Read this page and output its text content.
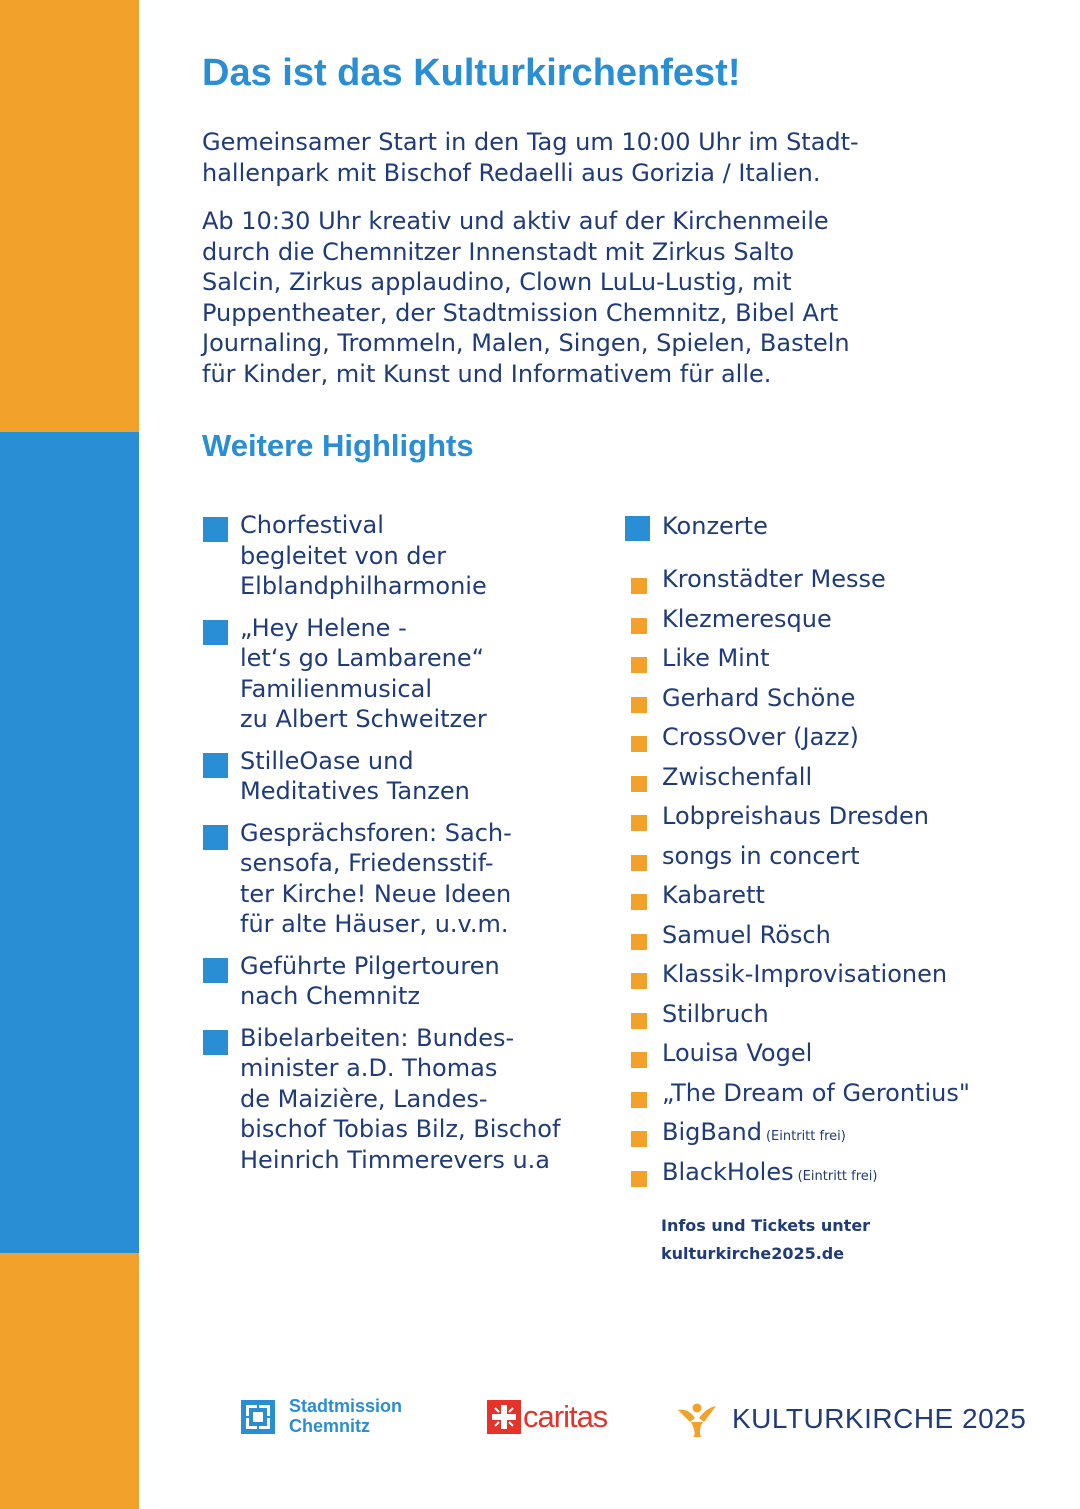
Das ist das Kulturkirchenfest!

Gemeinsamer Start in den Tag um 10:00 Uhr im Stadt-
hallenpark mit Bischof Redaelli aus Gorizia / Italien.

Ab 10:30 Uhr kreativ und aktiv auf der Kirchenmeile
durch die Chemnitzer Innenstadt mit Zirkus Salto
Salcin, Zirkus applaudino, Clown LuLu-Lustig, mit
Puppentheater, der Stadtmission Chemnitz, Bibel Art
Journaling, Trommeln, Malen, Singen, Spielen, Basteln
für Kinder, mit Kunst und Informativem für alle.

Weitere Highlights
Chorfestival
begleitet von der
Elblandphilharmonie
„Hey Helene -
let‘s go Lambarene“
Familienmusical
zu Albert Schweitzer
StilleOase und
Meditatives Tanzen
Gesprächsforen: Sach-
sensofa, Friedensstif-
ter Kirche! Neue Ideen
für alte Häuser, u.v.m.
Geführte Pilgertouren
nach Chemnitz
Bibelarbeiten: Bundes-
minister a.D. Thomas
de Maizière, Landes-
bischof Tobias Bilz, Bischof
Heinrich Timmerevers u.a
Konzerte
Kronstädter Messe
Klezmeresque
Like Mint
Gerhard Schöne
CrossOver (Jazz)
Zwischenfall
Lobpreishaus Dresden
songs in concert
Kabarett
Samuel Rösch
Klassik-Improvisationen
Stilbruch
Louisa Vogel
„The Dream of Gerontius"
BigBand (Eintritt frei)
BlackHoles (Eintritt frei)

Infos und Tickets unter
kulturkirche2025.de

Stadtmission
Chemnitz	caritas	KULTURKIRCHE 2025
